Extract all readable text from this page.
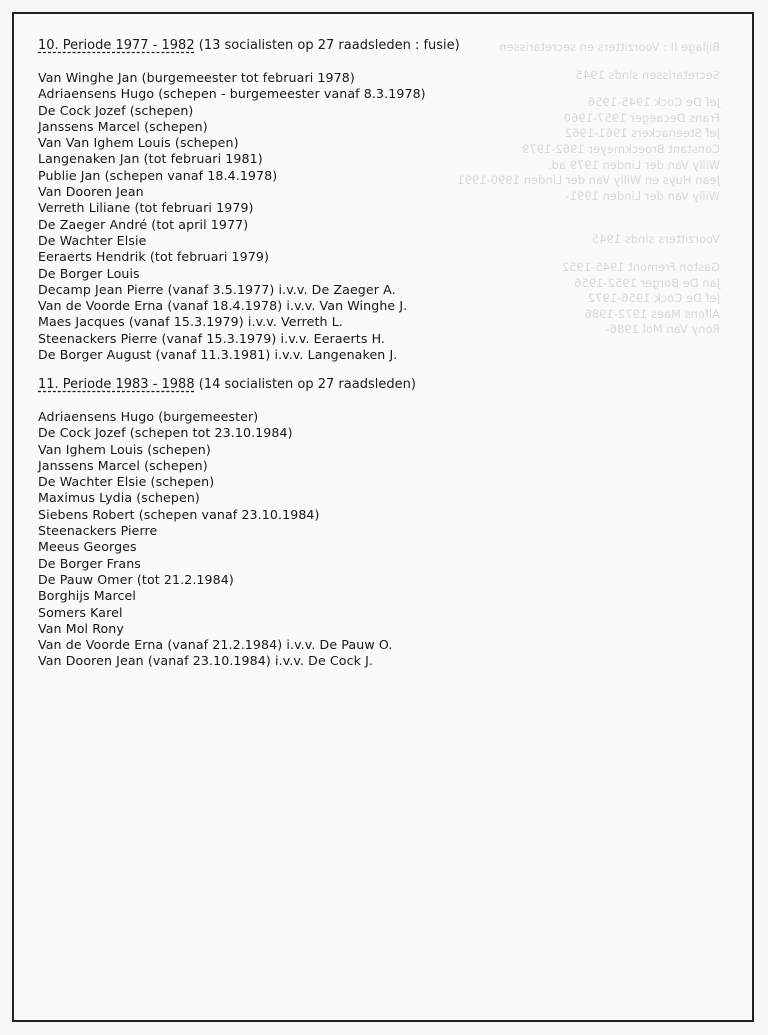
Bijlage II : Voorzitters en secretarissen
Secretarissen sinds 1945
Jef De Cock 1945-1956
Frans Decaeger 1957-1960
Jef Steenackers 1961-1962
Constant Broeckmeyer 1962-1979
Willy Van der Linden 1979 ad.
Jean Huys en Willy Van der Linden 1990-1991
Willy Van der Linden 1991-
Voorzitters sinds 1945
Gaston Fremont 1945-1952
Jan De Borger 1952-1956
Jef De Cock 1956-1972
Alfons Maes 1972-1986
Rony Van Mol 1986-
10. Periode 1977 - 1982 (13 socialisten op 27 raadsleden : fusie)
Van Winghe Jan (burgemeester tot februari 1978)
Adriaensens Hugo (schepen - burgemeester vanaf 8.3.1978)
De Cock Jozef (schepen)
Janssens Marcel (schepen)
Van Van Ighem Louis (schepen)
Langenaken Jan (tot februari 1981)
Publie Jan (schepen vanaf 18.4.1978)
Van Dooren Jean
Verreth Liliane (tot februari 1979)
De Zaeger André (tot april 1977)
De Wachter Elsie
Eeraerts Hendrik (tot februari 1979)
De Borger Louis
Decamp Jean Pierre (vanaf 3.5.1977) i.v.v. De Zaeger A.
Van de Voorde Erna (vanaf 18.4.1978) i.v.v. Van Winghe J.
Maes Jacques (vanaf 15.3.1979) i.v.v. Verreth L.
Steenackers Pierre (vanaf 15.3.1979) i.v.v. Eeraerts H.
De Borger August (vanaf 11.3.1981) i.v.v. Langenaken J.
11. Periode 1983 - 1988 (14 socialisten op 27 raadsleden)
Adriaensens Hugo (burgemeester)
De Cock Jozef (schepen tot 23.10.1984)
Van Ighem Louis (schepen)
Janssens Marcel (schepen)
De Wachter Elsie (schepen)
Maximus Lydia (schepen)
Siebens Robert (schepen vanaf 23.10.1984)
Steenackers Pierre
Meeus Georges
De Borger Frans
De Pauw Omer (tot 21.2.1984)
Borghijs Marcel
Somers Karel
Van Mol Rony
Van de Voorde Erna (vanaf 21.2.1984) i.v.v. De Pauw O.
Van Dooren Jean (vanaf 23.10.1984) i.v.v. De Cock J.
